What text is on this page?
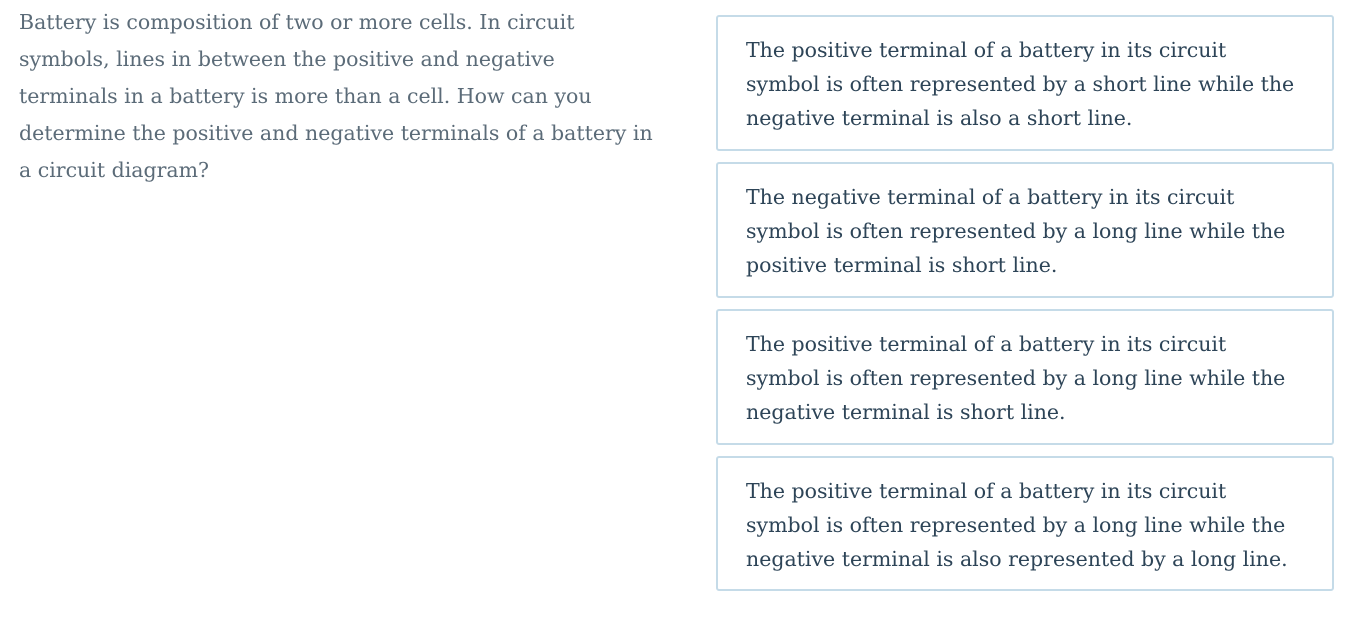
Battery is composition of two or more cells. In circuit symbols, lines in between the positive and negative terminals in a battery is more than a cell. How can you determine the positive and negative terminals of a battery in a circuit diagram?

The positive terminal of a battery in its circuit symbol is often represented by a short line while the negative terminal is also a short line.
The negative terminal of a battery in its circuit symbol is often represented by a long line while the positive terminal is short line.
The positive terminal of a battery in its circuit symbol is often represented by a long line while the negative terminal is short line.
The positive terminal of a battery in its circuit symbol is often represented by a long line while the negative terminal is also represented by a long line.
